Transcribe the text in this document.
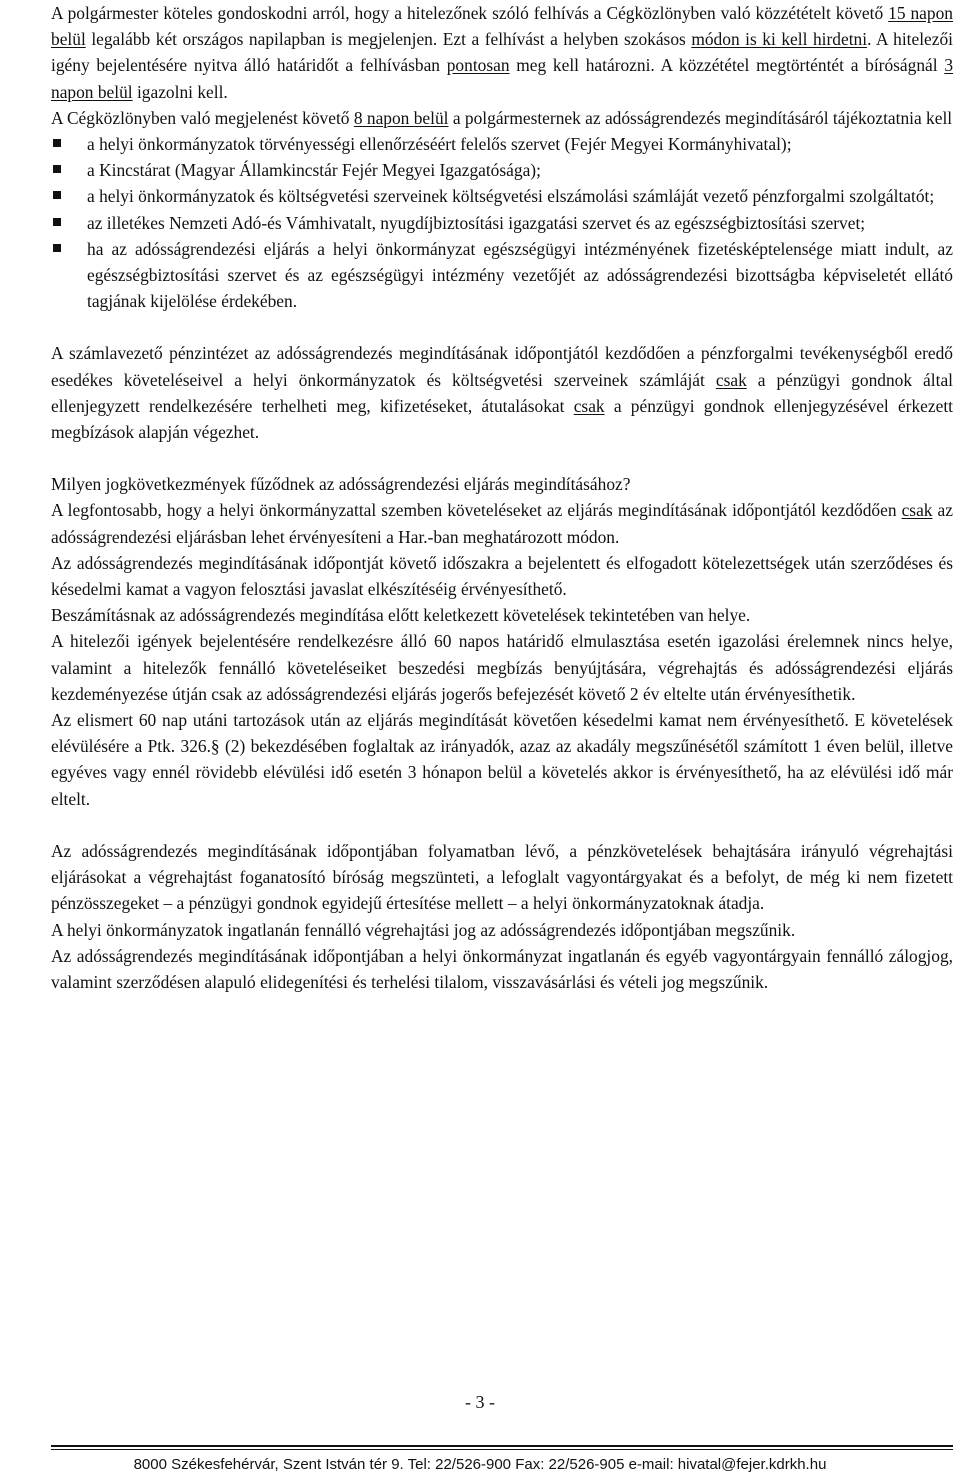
A polgármester köteles gondoskodni arról, hogy a hitelezőnek szóló felhívás a Cégközlönyben való közzétételt követő 15 napon belül legalább két országos napilapban is megjelenjen. Ezt a felhívást a helyben szokásos módon is ki kell hirdetni. A hitelezői igény bejelentésére nyitva álló határidőt a felhívásban pontosan meg kell határozni. A közzététel megtörténtét a bíróságnál 3 napon belül igazolni kell.

A Cégközlönyben való megjelenést követő 8 napon belül a polgármesternek az adósságrendezés megindításáról tájékoztatnia kell

a helyi önkormányzatok törvényességi ellenőrzéséért felelős szervet (Fejér Megyei Kormányhivatal);
a Kincstárat (Magyar Államkincstár Fejér Megyei Igazgatósága);
a helyi önkormányzatok és költségvetési szerveinek költségvetési elszámolási számláját vezető pénzforgalmi szolgáltatót;
az illetékes Nemzeti Adó-és Vámhivatalt, nyugdíjbiztosítási igazgatási szervet és az egészségbiztosítási szervet;
ha az adósságrendezési eljárás a helyi önkormányzat egészségügyi intézményének fizetésképtelensége miatt indult, az egészségbiztosítási szervet és az egészségügyi intézmény vezetőjét az adósságrendezési bizottságba képviseletét ellátó tagjának kijelölése érdekében.

A számlavezető pénzintézet az adósságrendezés megindításának időpontjától kezdődően a pénzforgalmi tevékenységből eredő esedékes követeléseivel a helyi önkormányzatok és költségvetési szerveinek számláját csak a pénzügyi gondnok által ellenjegyzett rendelkezésére terhelheti meg, kifizetéseket, átutalásokat csak a pénzügyi gondnok ellenjegyzésével érkezett megbízások alapján végezhet.

Milyen jogkövetkezmények fűződnek az adósságrendezési eljárás megindításához?

A legfontosabb, hogy a helyi önkormányzattal szemben követeléseket az eljárás megindításának időpontjától kezdődően csak az adósságrendezési eljárásban lehet érvényesíteni a Har.-ban meghatározott módon.

Az adósságrendezés megindításának időpontját követő időszakra a bejelentett és elfogadott kötelezettségek után szerződéses és késedelmi kamat a vagyon felosztási javaslat elkészítéséig érvényesíthető.

Beszámításnak az adósságrendezés megindítása előtt keletkezett követelések tekintetében van helye.

A hitelezői igények bejelentésére rendelkezésre álló 60 napos határidő elmulasztása esetén igazolási érelemnek nincs helye, valamint a hitelezők fennálló követeléseiket beszedési megbízás benyújtására, végrehajtás és adósságrendezési eljárás kezdeményezése útján csak az adósságrendezési eljárás jogerős befejezését követő 2 év eltelte után érvényesíthetik.

Az elismert 60 nap utáni tartozások után az eljárás megindítását követően késedelmi kamat nem érvényesíthető. E követelések elévülésére a Ptk. 326.§ (2) bekezdésében foglaltak az irányadók, azaz az akadály megszűnésétől számított 1 éven belül, illetve egyéves vagy ennél rövidebb elévülési idő esetén 3 hónapon belül a követelés akkor is érvényesíthető, ha az elévülési idő már eltelt.

Az adósságrendezés megindításának időpontjában folyamatban lévő, a pénzkövetelések behajtására irányuló végrehajtási eljárásokat a végrehajtást foganatosító bíróság megszünteti, a lefoglalt vagyontárgyakat és a befolyt, de még ki nem fizetett pénzösszegeket – a pénzügyi gondnok egyidejű értesítése mellett – a helyi önkormányzatoknak átadja.

A helyi önkormányzatok ingatlanán fennálló végrehajtási jog az adósságrendezés időpontjában megszűnik.

Az adósságrendezés megindításának időpontjában a helyi önkormányzat ingatlanán és egyéb vagyontárgyain fennálló zálogjog, valamint szerződésen alapuló elidegenítési és terhelési tilalom, visszavásárlási és vételi jog megszűnik.

- 3 -
8000 Székesfehérvár, Szent István tér 9. Tel: 22/526-900 Fax: 22/526-905 e-mail: hivatal@fejer.kdrkh.hu
